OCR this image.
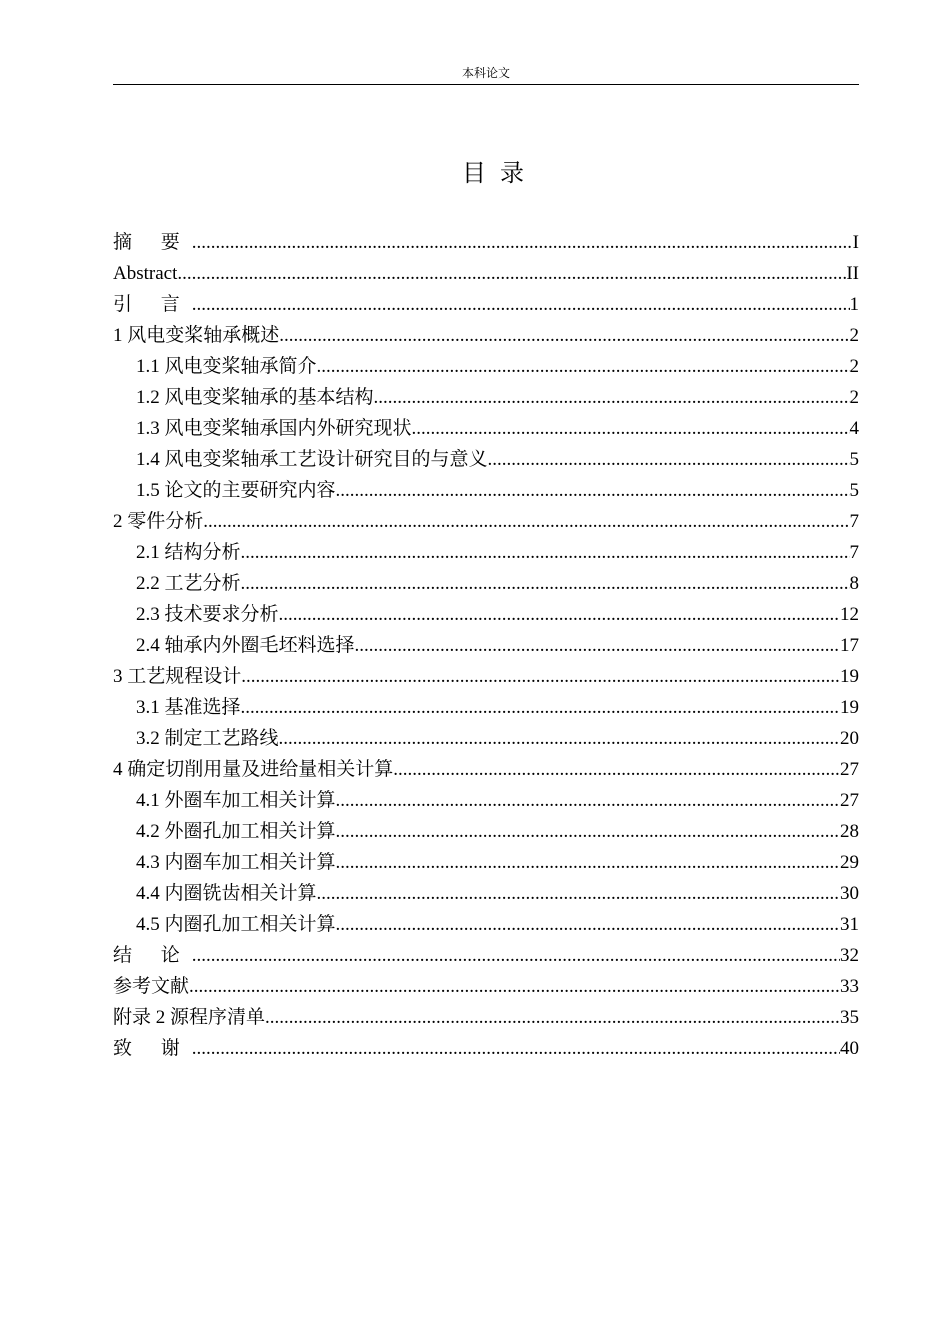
本科论文
目录
摘 要 .....	I
Abstract .....	II
引 言 .....	1
1 风电变桨轴承概述 .....	2
1.1 风电变桨轴承简介 .....	2
1.2 风电变桨轴承的基本结构 .....	2
1.3 风电变桨轴承国内外研究现状 .....	4
1.4 风电变桨轴承工艺设计研究目的与意义 .....	5
1.5 论文的主要研究内容 .....	5
2 零件分析 .....	7
2.1 结构分析 .....	7
2.2 工艺分析 .....	8
2.3 技术要求分析 .....	12
2.4 轴承内外圈毛坯料选择 .....	17
3 工艺规程设计 .....	19
3.1 基准选择 .....	19
3.2 制定工艺路线 .....	20
4 确定切削用量及进给量相关计算 .....	27
4.1 外圈车加工相关计算 .....	27
4.2 外圈孔加工相关计算 .....	28
4.3 内圈车加工相关计算 .....	29
4.4 内圈铣齿相关计算 .....	30
4.5 内圈孔加工相关计算 .....	31
结 论 .....	32
参考文献 .....	33
附录 2 源程序清单 .....	35
致 谢 .....	40
